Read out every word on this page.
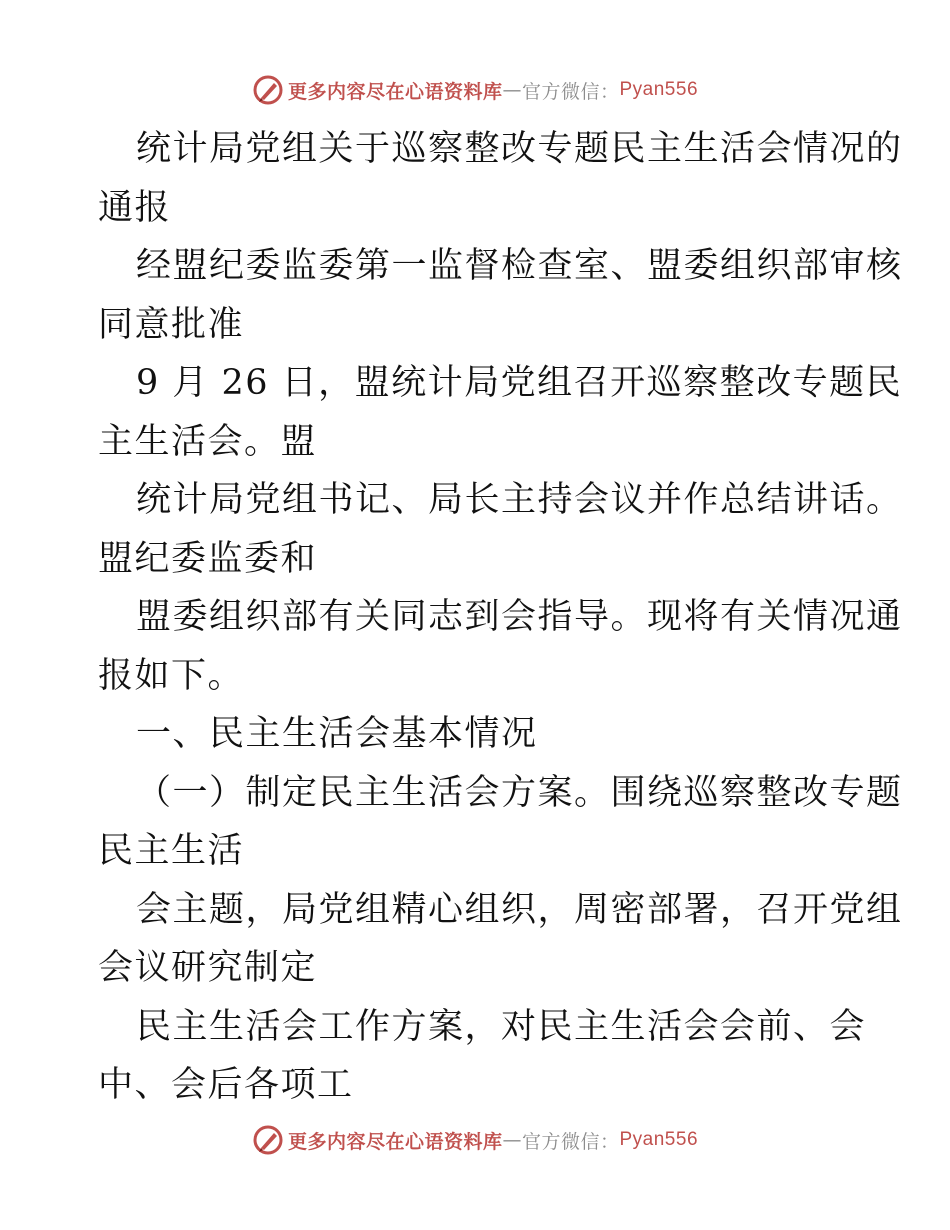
更多内容尽在心语资料库 — 官方微信： Pyan556
统计局党组关于巡察整改专题民主生活会情况的
通报
经盟纪委监委第一监督检查室、盟委组织部审核
同意批准
9 月 26 日，盟统计局党组召开巡察整改专题民
主生活会。盟
统计局党组书记、局长主持会议并作总结讲话。
盟纪委监委和
盟委组织部有关同志到会指导。现将有关情况通
报如下。
一、民主生活会基本情况
（一）制定民主生活会方案。围绕巡察整改专题
民主生活
会主题，局党组精心组织，周密部署，召开党组
会议研究制定
民主生活会工作方案，对民主生活会会前、会
中、会后各项工
更多内容尽在心语资料库 — 官方微信： Pyan556
